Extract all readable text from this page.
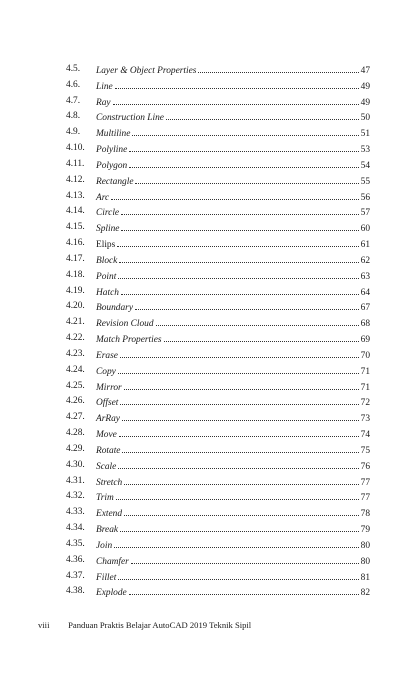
4.5. Layer & Object Properties	47
4.6. Line	49
4.7. Ray	49
4.8. Construction Line	50
4.9. Multiline	51
4.10. Polyline	53
4.11. Polygon	54
4.12. Rectangle	55
4.13. Arc	56
4.14. Circle	57
4.15. Spline	60
4.16. Elips	61
4.17. Block	62
4.18. Point	63
4.19. Hatch	64
4.20. Boundary	67
4.21. Revision Cloud	68
4.22. Match Properties	69
4.23. Erase	70
4.24. Copy	71
4.25. Mirror	71
4.26. Offset	72
4.27. ArRay	73
4.28. Move	74
4.29. Rotate	75
4.30. Scale	76
4.31. Stretch	77
4.32. Trim	77
4.33. Extend	78
4.34. Break	79
4.35. Join	80
4.36. Chamfer	80
4.37. Fillet	81
4.38. Explode	82
viii Panduan Praktis Belajar AutoCAD 2019 Teknik Sipil
